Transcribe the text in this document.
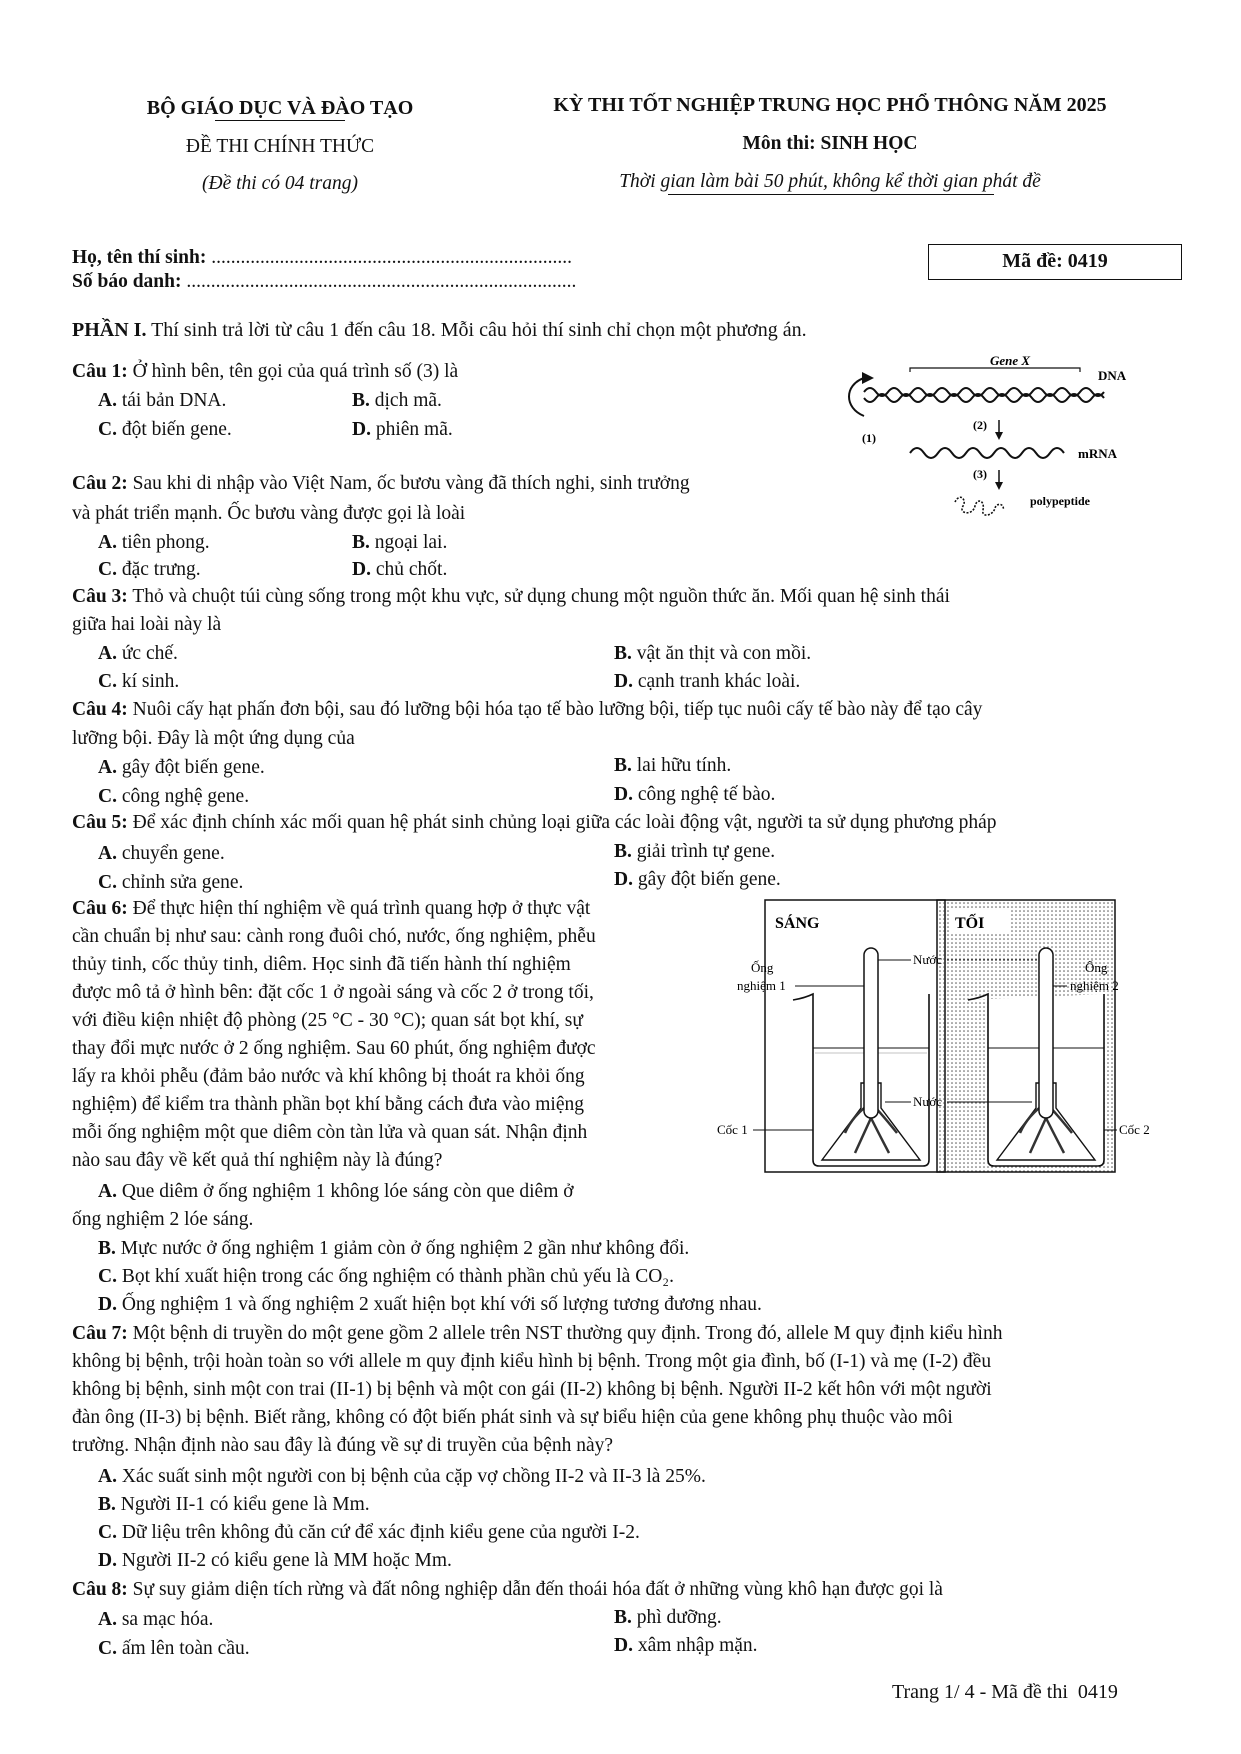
BỘ GIÁO DỤC VÀ ĐÀO TẠO
ĐỀ THI CHÍNH THỨC
(Đề thi có 04 trang)
KỲ THI TỐT NGHIỆP TRUNG HỌC PHỔ THÔNG NĂM 2025
Môn thi: SINH HỌC
Thời gian làm bài 50 phút, không kể thời gian phát đề
Họ, tên thí sinh: ..........................................................................
Số báo danh: ................................................................................
Mã đề: 0419
PHẦN I. Thí sinh trả lời từ câu 1 đến câu 18. Mỗi câu hỏi thí sinh chỉ chọn một phương án.
Câu 1: Ở hình bên, tên gọi của quá trình số (3) là
A. tái bản DNA.	B. dịch mã.
C. đột biến gene.	D. phiên mã.
Gene X
DNA
(1)
(2)
mRNA
(3)
polypeptide
Câu 2: Sau khi di nhập vào Việt Nam, ốc bươu vàng đã thích nghi, sinh trưởng
và phát triển mạnh. Ốc bươu vàng được gọi là loài
A. tiên phong.	B. ngoại lai.
C. đặc trưng.	D. chủ chốt.
Câu 3: Thỏ và chuột túi cùng sống trong một khu vực, sử dụng chung một nguồn thức ăn. Mối quan hệ sinh thái
giữa hai loài này là
A. ức chế.	B. vật ăn thịt và con mồi.
C. kí sinh.	D. cạnh tranh khác loài.
Câu 4: Nuôi cấy hạt phấn đơn bội, sau đó lưỡng bội hóa tạo tế bào lưỡng bội, tiếp tục nuôi cấy tế bào này để tạo cây
lưỡng bội. Đây là một ứng dụng của
A. gây đột biến gene.	B. lai hữu tính.
C. công nghệ gene.	D. công nghệ tế bào.
Câu 5: Để xác định chính xác mối quan hệ phát sinh chủng loại giữa các loài động vật, người ta sử dụng phương pháp
A. chuyển gene.	B. giải trình tự gene.
C. chỉnh sửa gene.	D. gây đột biến gene.
Câu 6: Để thực hiện thí nghiệm về quá trình quang hợp ở thực vật
cần chuẩn bị như sau: cành rong đuôi chó, nước, ống nghiệm, phễu
thủy tinh, cốc thủy tinh, diêm. Học sinh đã tiến hành thí nghiệm
được mô tả ở hình bên: đặt cốc 1 ở ngoài sáng và cốc 2 ở trong tối,
với điều kiện nhiệt độ phòng (25 °C - 30 °C); quan sát bọt khí, sự
thay đổi mực nước ở 2 ống nghiệm. Sau 60 phút, ống nghiệm được
lấy ra khỏi phễu (đảm bảo nước và khí không bị thoát ra khỏi ống
nghiệm) để kiểm tra thành phần bọt khí bằng cách đưa vào miệng
mỗi ống nghiệm một que diêm còn tàn lửa và quan sát. Nhận định
nào sau đây về kết quả thí nghiệm này là đúng?
A. Que diêm ở ống nghiệm 1 không lóe sáng còn que diêm ở
ống nghiệm 2 lóe sáng.
B. Mực nước ở ống nghiệm 1 giảm còn ở ống nghiệm 2 gần như không đổi.
C. Bọt khí xuất hiện trong các ống nghiệm có thành phần chủ yếu là CO₂.
D. Ống nghiệm 1 và ống nghiệm 2 xuất hiện bọt khí với số lượng tương đương nhau.
SÁNG	TỐI
Ống
nghiệm 1
Nước
Ống
nghiệm 2
Nước
Cốc 1	Cốc 2
Câu 7: Một bệnh di truyền do một gene gồm 2 allele trên NST thường quy định. Trong đó, allele M quy định kiểu hình
không bị bệnh, trội hoàn toàn so với allele m quy định kiểu hình bị bệnh. Trong một gia đình, bố (I-1) và mẹ (I-2) đều
không bị bệnh, sinh một con trai (II-1) bị bệnh và một con gái (II-2) không bị bệnh. Người II-2 kết hôn với một người
đàn ông (II-3) bị bệnh. Biết rằng, không có đột biến phát sinh và sự biểu hiện của gene không phụ thuộc vào môi
trường. Nhận định nào sau đây là đúng về sự di truyền của bệnh này?
A. Xác suất sinh một người con bị bệnh của cặp vợ chồng II-2 và II-3 là 25%.
B. Người II-1 có kiểu gene là Mm.
C. Dữ liệu trên không đủ căn cứ để xác định kiểu gene của người I-2.
D. Người II-2 có kiểu gene là MM hoặc Mm.
Câu 8: Sự suy giảm diện tích rừng và đất nông nghiệp dẫn đến thoái hóa đất ở những vùng khô hạn được gọi là
A. sa mạc hóa.	B. phì dưỡng.
C. ấm lên toàn cầu.	D. xâm nhập mặn.
Trang 1/ 4 - Mã đề thi  0419
